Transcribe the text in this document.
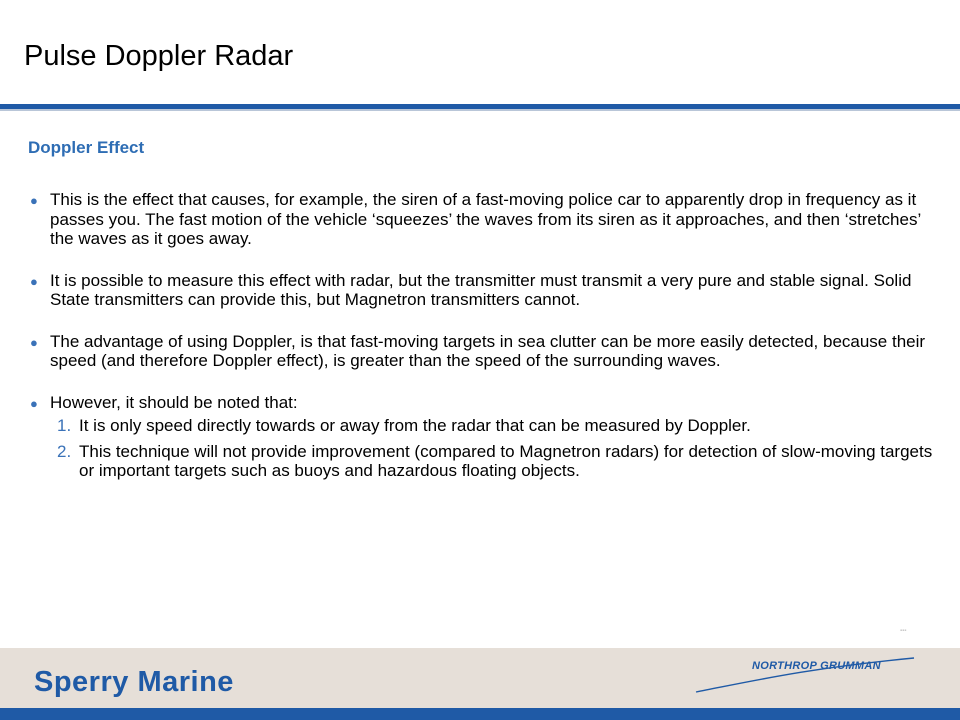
Pulse Doppler Radar
Doppler Effect
● This is the effect that causes, for example, the siren of a fast-moving police car to apparently drop in frequency as it passes you. The fast motion of the vehicle ‘squeezes’ the waves from its siren as it approaches, and then ‘stretches’ the waves as it goes away.
● It is possible to measure this effect with radar, but the transmitter must transmit a very pure and stable signal. Solid State transmitters can provide this, but Magnetron transmitters cannot.
● The advantage of using Doppler, is that fast-moving targets in sea clutter can be more easily detected, because their speed (and therefore Doppler effect), is greater than the speed of the surrounding waves.
● However, it should be noted that:
1. It is only speed directly towards or away from the radar that can be measured by Doppler.
2. This technique will not provide improvement (compared to Magnetron radars) for detection of slow-moving targets or important targets such as buoys and hazardous floating objects.
▪▪▪
Sperry Marine	NORTHROP GRUMMAN
